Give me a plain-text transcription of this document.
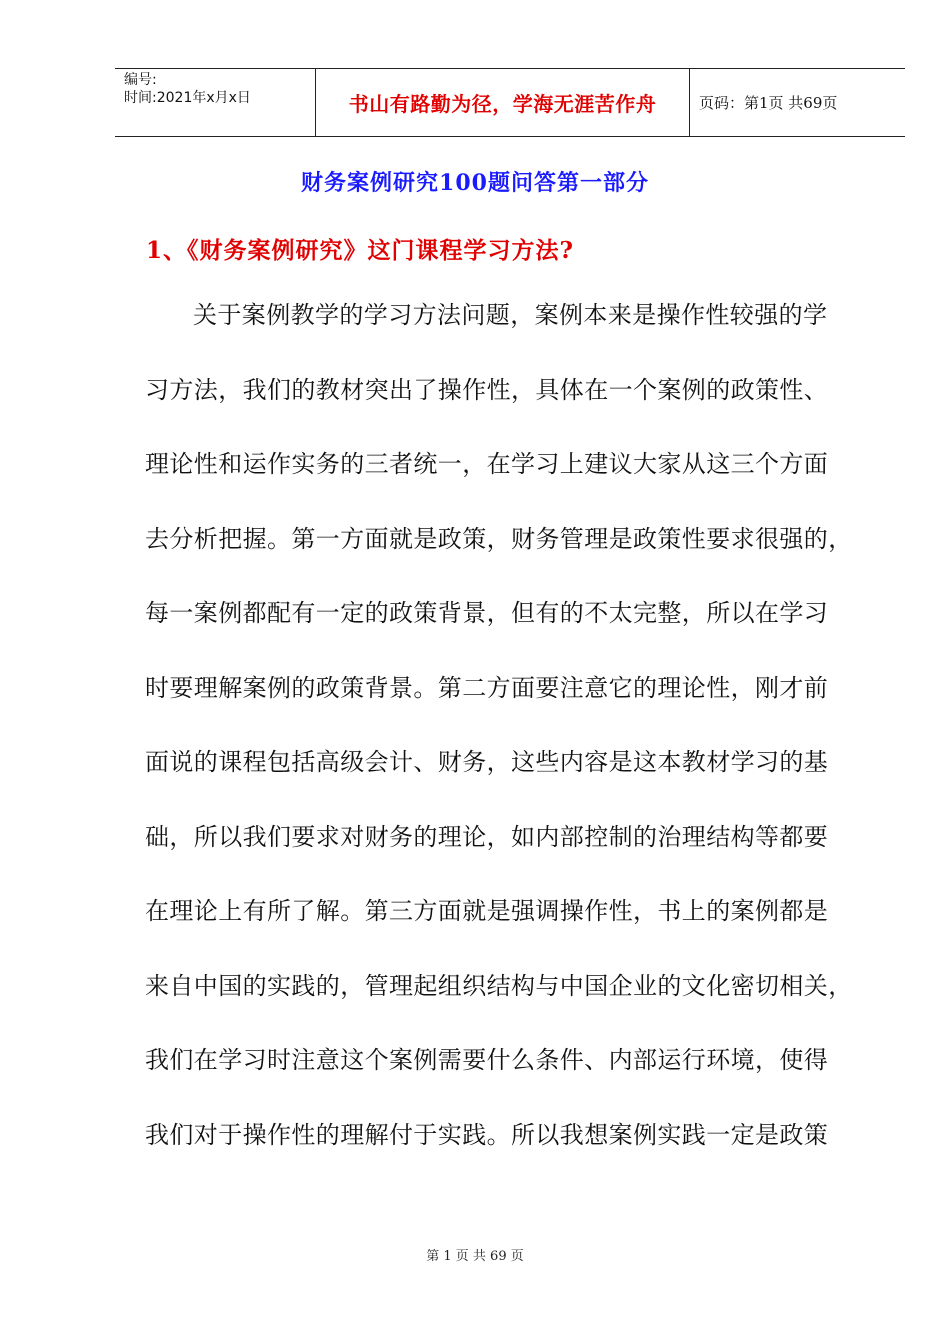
编号:
时间:2021年x月x日	书山有路勤为径，学海无涯苦作舟	页码：第1页 共69页
财务案例研究100题问答第一部分
1、《财务案例研究》这门课程学习方法?
关于案例教学的学习方法问题，案例本来是操作性较强的学
习方法，我们的教材突出了操作性，具体在一个案例的政策性、
理论性和运作实务的三者统一，在学习上建议大家从这三个方面
去分析把握。第一方面就是政策，财务管理是政策性要求很强的，
每一案例都配有一定的政策背景，但有的不太完整，所以在学习
时要理解案例的政策背景。第二方面要注意它的理论性，刚才前
面说的课程包括高级会计、财务，这些内容是这本教材学习的基
础，所以我们要求对财务的理论，如内部控制的治理结构等都要
在理论上有所了解。第三方面就是强调操作性，书上的案例都是
来自中国的实践的，管理起组织结构与中国企业的文化密切相关，
我们在学习时注意这个案例需要什么条件、内部运行环境，使得
我们对于操作性的理解付于实践。所以我想案例实践一定是政策
第 1 页 共 69 页
